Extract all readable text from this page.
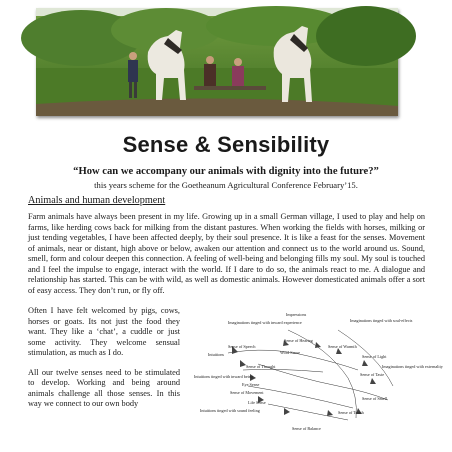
Sense & Sensibility
“How can we accompany our animals with dignity into the future?”
this years scheme for the Goetheanum Agricultural Conference February’15.
Animals and human development
Farm animals have always been present in my life. Growing up in a small German village, I used to play and help on farms, like herding cows back for milking from the distant pastures. When working the fields with horses, milking or just tending vegetables, I have been affected deeply, by their soul presence. It is like a feast for the senses. Movement of animals, near or distant, high above or below, awaken our attention and connect us to the world around us. Sound, smell, form and colour deepen this connection. A feeling of well-being and belonging fills my soul. My soul is touched and I feel the impulse to engage, interact with the world. If I dare to do so, the animals react to me. A dialogue and relationship has started. This can be with wild, as well as domestic animals. However domesticated animals offer a sort of easy access. They don’t run, or fly off.

Often I have felt welcomed by pigs, cows, horses or goats. Its not just the food they want. They like a ‘chat’, a cuddle or just some activity. They welcome sensual stimulation, as much as I do.

All our twelve senses need to be stimulated to develop. Working and being around animals challenge all those senses. In this way we connect to our own body

Impressions
Imaginations tinged with inward experience	Imaginations tinged with soul-effects
Sense of Hearing
Sense of Warmth
Sense of Speech
Sense of Light
Word Sense
Sense of Taste
Intuitions
Sense of Thought	Imaginations tinged with externality
Intuitions tinged with inward being
Sense of Movement
Eye Sense
Sense of Smell
Life Sense
Sense of Touch
Intuitions tinged with sound feeling
Sense of Balance
